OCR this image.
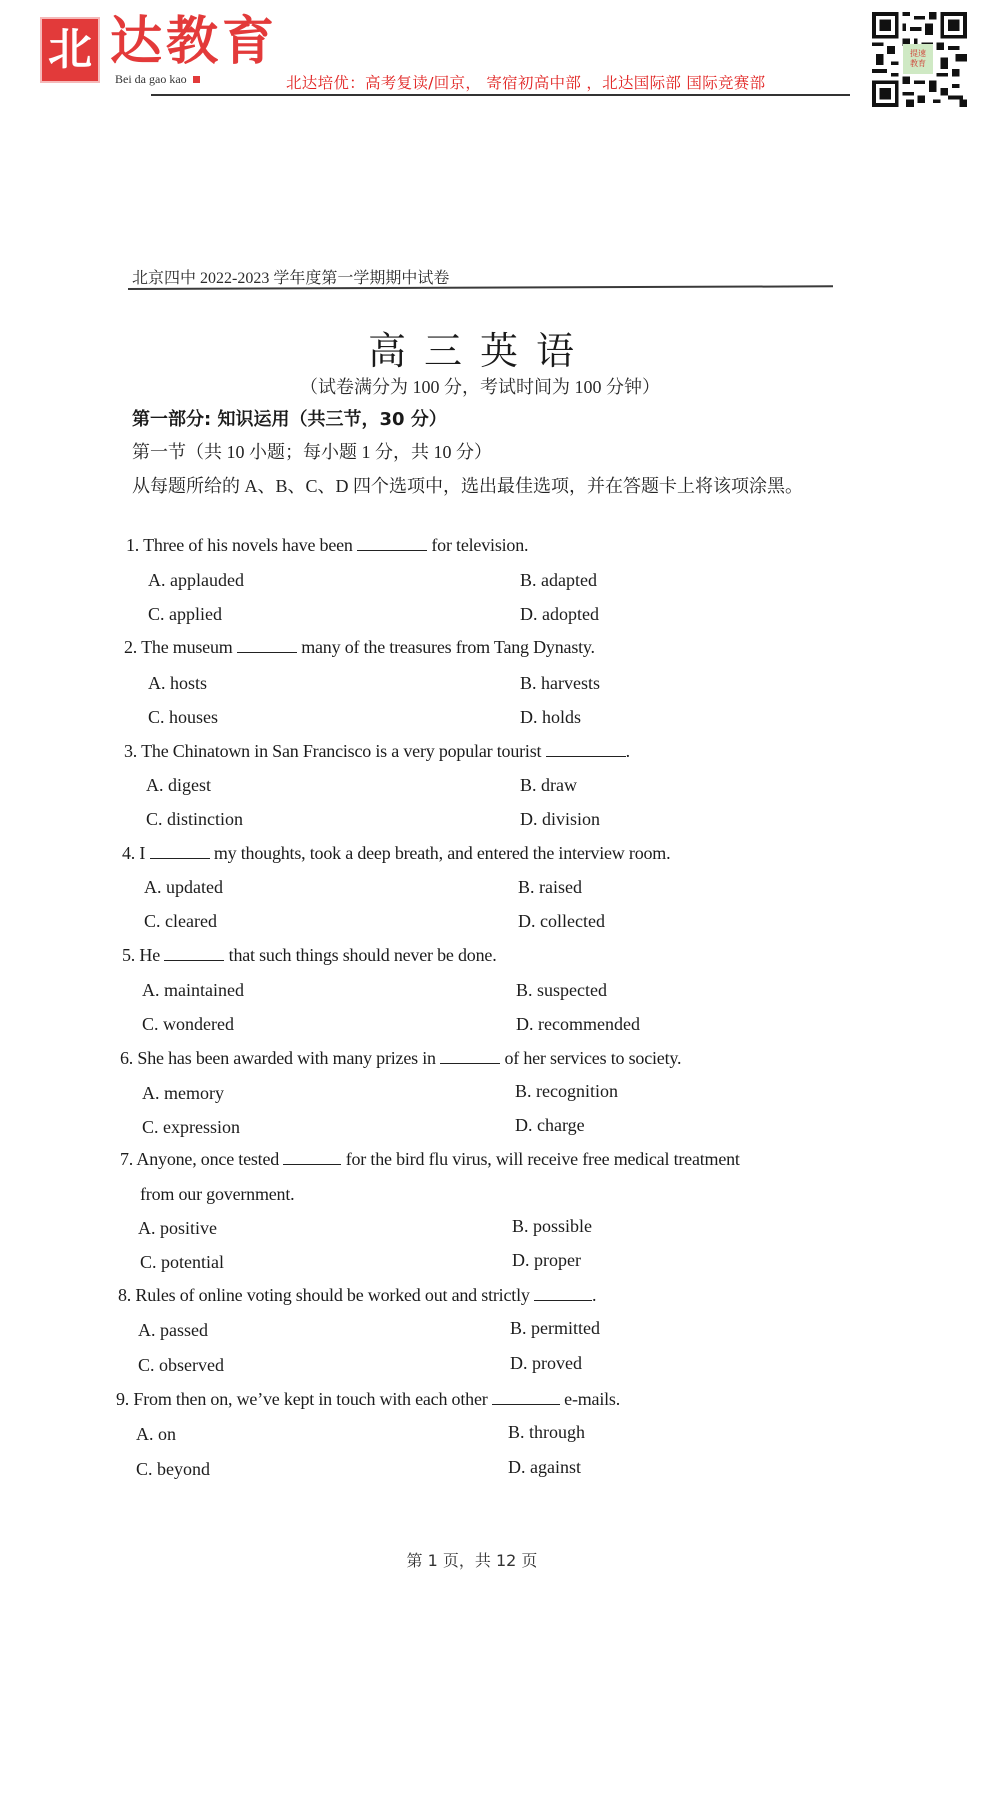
北 达教育
Bei da gao kao	北达培优：高考复读/回京， 寄宿初高中部 ，北达国际部 国际竞赛部
提速
教育
北京四中 2022-2023 学年度第一学期期中试卷
高三英语
（试卷满分为 100 分，考试时间为 100 分钟）
第一部分: 知识运用（共三节，30 分）
第一节（共 10 小题；每小题 1 分，共 10 分）
从每题所给的 A、B、C、D 四个选项中，选出最佳选项，并在答题卡上将该项涂黑。
1. Three of his novels have been	for television.
A. applauded	B. adapted
C. applied	D. adopted
2. The museum	many of the treasures from Tang Dynasty.
A. hosts	B. harvests
C. houses	D. holds
3. The Chinatown in San Francisco is a very popular tourist	.
A. digest	B. draw
C. distinction	D. division
4. I	my thoughts, took a deep breath, and entered the interview room.
A. updated	B. raised
C. cleared	D. collected
5. He	that such things should never be done.
A. maintained	B. suspected
C. wondered	D. recommended
6. She has been awarded with many prizes in	of her services to society.
A. memory	B. recognition
C. expression	D. charge
7. Anyone, once tested	for the bird flu virus, will receive free medical treatment
from our government.
A. positive	B. possible
C. potential	D. proper
8. Rules of online voting should be worked out and strictly	.
A. passed	B. permitted
C. observed	D. proved
9. From then on, we’ve kept in touch with each other	e-mails.
A. on	B. through
C. beyond	D. against
第 1 页，共 12 页
